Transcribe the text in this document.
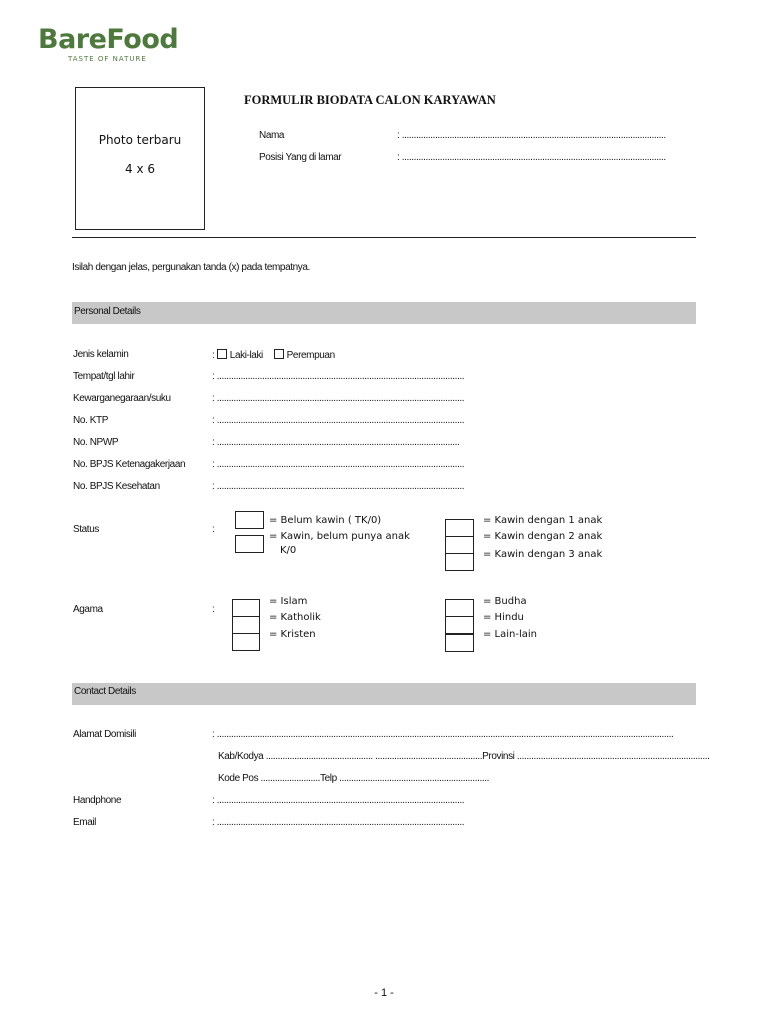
BareFood
TASTE OF NATURE
Photo terbaru
4 x 6
FORMULIR BIODATA CALON KARYAWAN
Nama	: ...............................................................................................................
Posisi Yang di lamar	: ...............................................................................................................
Isilah dengan jelas, pergunakan tanda (x) pada tempatnya.
Personal Details
Jenis kelamin	: Laki-laki Perempuan
Tempat/tgl lahir	: ........................................................................................................
Kewarganegaraan/suku	: ........................................................................................................
No. KTP	: ........................................................................................................
No. NPWP	: ......................................................................................................
No. BPJS Ketenagakerjaan	: ........................................................................................................
No. BPJS Kesehatan	: ........................................................................................................
Status	:
= Belum kawin ( TK/0)
= Kawin, belum punya anak
K/0
= Kawin dengan 1 anak
= Kawin dengan 2 anak
= Kawin dengan 3 anak
Agama	:
= Islam
= Katholik
= Kristen
= Budha
= Hindu
= Lain-lain
Contact Details
Alamat Domisili	: ................................................................................................................................................................................................
Kab/Kodya ............................................. .............................................Provinsi .................................................................................
Kode Pos .........................Telp ...............................................................
Handphone	: ........................................................................................................
Email	: ........................................................................................................
- 1 -
